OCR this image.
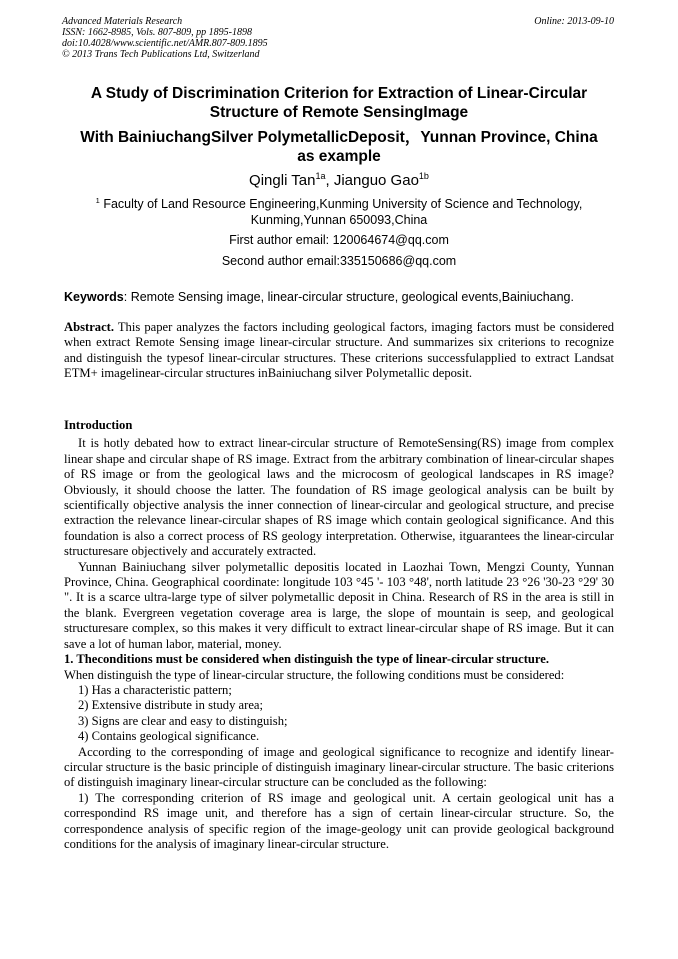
Advanced Materials Research
ISSN: 1662-8985, Vols. 807-809, pp 1895-1898
doi:10.4028/www.scientific.net/AMR.807-809.1895
© 2013 Trans Tech Publications Ltd, Switzerland
Online: 2013-09-10
A Study of Discrimination Criterion for Extraction of Linear-Circular
Structure of Remote SensingImage
With BainiuchangSilver PolymetallicDeposit，Yunnan Province, China
as example
Qingli Tan$^{1a}$, Jianguo Gao$^{1b}$
$^1$ Faculty of Land Resource Engineering,Kunming University of Science and Technology,
Kunming,Yunnan 650093,China
First author email: 120064674@qq.com
Second author email:335150686@qq.com
Keywords: Remote Sensing image, linear-circular structure, geological events,Bainiuchang.

Abstract. This paper analyzes the factors including geological factors, imaging factors must be considered when extract Remote Sensing image linear-circular structure. And summarizes six criterions to recognize and distinguish the typesof linear-circular structures. These criterions successfulapplied to extract Landsat ETM+ imagelinear-circular structures inBainiuchang silver Polymetallic deposit.

Introduction

It is hotly debated how to extract linear-circular structure of RemoteSensing(RS) image from complex linear shape and circular shape of RS image. Extract from the arbitrary combination of linear-circular shapes of RS image or from the geological laws and the microcosm of geological landscapes in RS image? Obviously, it should choose the latter. The foundation of RS image geological analysis can be built by scientifically objective analysis the inner connection of linear-circular and geological structure, and precise extraction the relevance linear-circular shapes of RS image which contain geological significance. And this foundation is also a correct process of RS geology interpretation. Otherwise, itguarantees the linear-circular structuresare objectively and accurately extracted.

Yunnan Bainiuchang silver polymetallic depositis located in Laozhai Town, Mengzi County, Yunnan Province, China. Geographical coordinate: longitude 103 °45 '- 103 °48', north latitude 23 °26 '30-23 °29' 30 ". It is a scarce ultra-large type of silver polymetallic deposit in China. Research of RS in the area is still in the blank. Evergreen vegetation coverage area is large, the slope of mountain is seep, and geological structuresare complex, so this makes it very difficult to extract linear-circular shape of RS image. But it can save a lot of human labor, material, money.

1. Theconditions must be considered when distinguish the type of linear-circular structure.

When distinguish the type of linear-circular structure, the following conditions must be considered:

1) Has a characteristic pattern;

2) Extensive distribute in study area;

3) Signs are clear and easy to distinguish;

4) Contains geological significance.

According to the corresponding of image and geological significance to recognize and identify linear-circular structure is the basic principle of distinguish imaginary linear-circular structure. The basic criterions of distinguish imaginary linear-circular structure can be concluded as the following:

1) The corresponding criterion of RS image and geological unit. A certain geological unit has a correspondind RS image unit, and therefore has a sign of certain linear-circular structure. So, the correspondence analysis of specific region of the image-geology unit can provide geological background conditions for the analysis of imaginary linear-circular structure.
